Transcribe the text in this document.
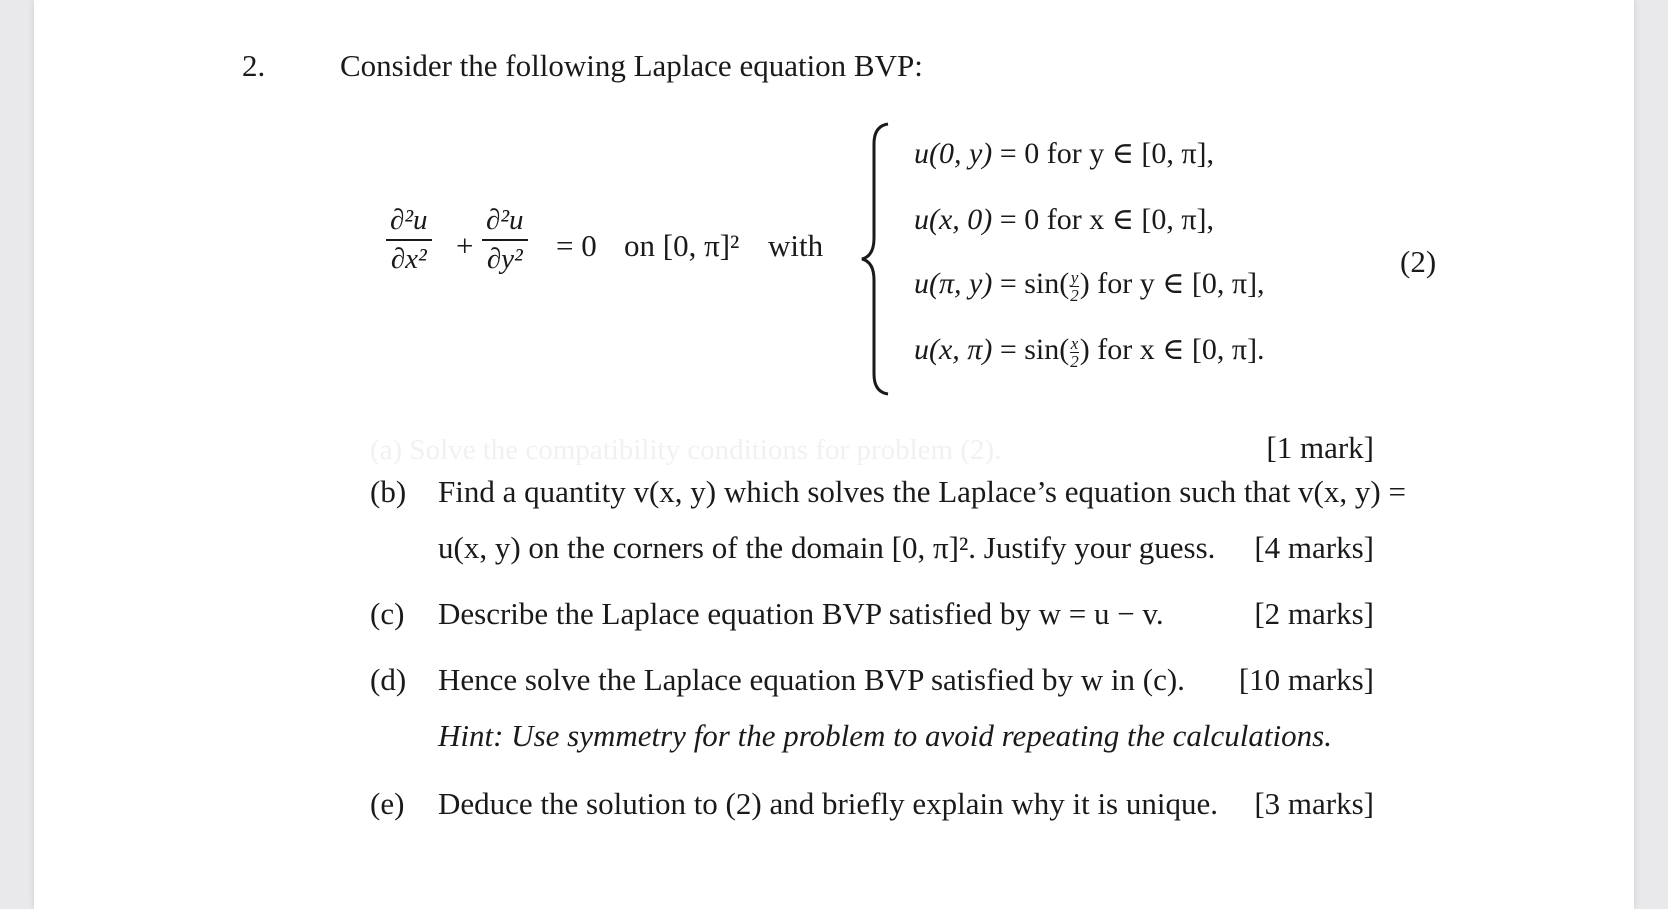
2. Consider the following Laplace equation BVP:
∂²u
∂x² +
∂²u
∂y² = 0 on [0, π]² with
u(0, y) = 0 for y ∈ [0, π],
u(x, 0) = 0 for x ∈ [0, π],
u(π, $y) = \sin( \frac{y}{2}$ ) for y ∈ [0, π],
u(x, $\pi) = \sin( \frac{x}{2}$ ) for x ∈ [0, π].
(2)
(a) Solve the compatibility conditions for problem (2).	[1 mark]
(b) Find a quantity v(x, y) which solves the Laplace’s equation such that v(x, y) =
u(x, y) on the corners of the domain [0, π]². Justify your guess. [4 marks]
(c) Describe the Laplace equation BVP satisfied by w = u − v.	[2 marks]
(d) Hence solve the Laplace equation BVP satisfied by w in (c). [10 marks]
Hint: Use symmetry for the problem to avoid repeating the calculations.
(e) Deduce the solution to (2) and briefly explain why it is unique. [3 marks]
